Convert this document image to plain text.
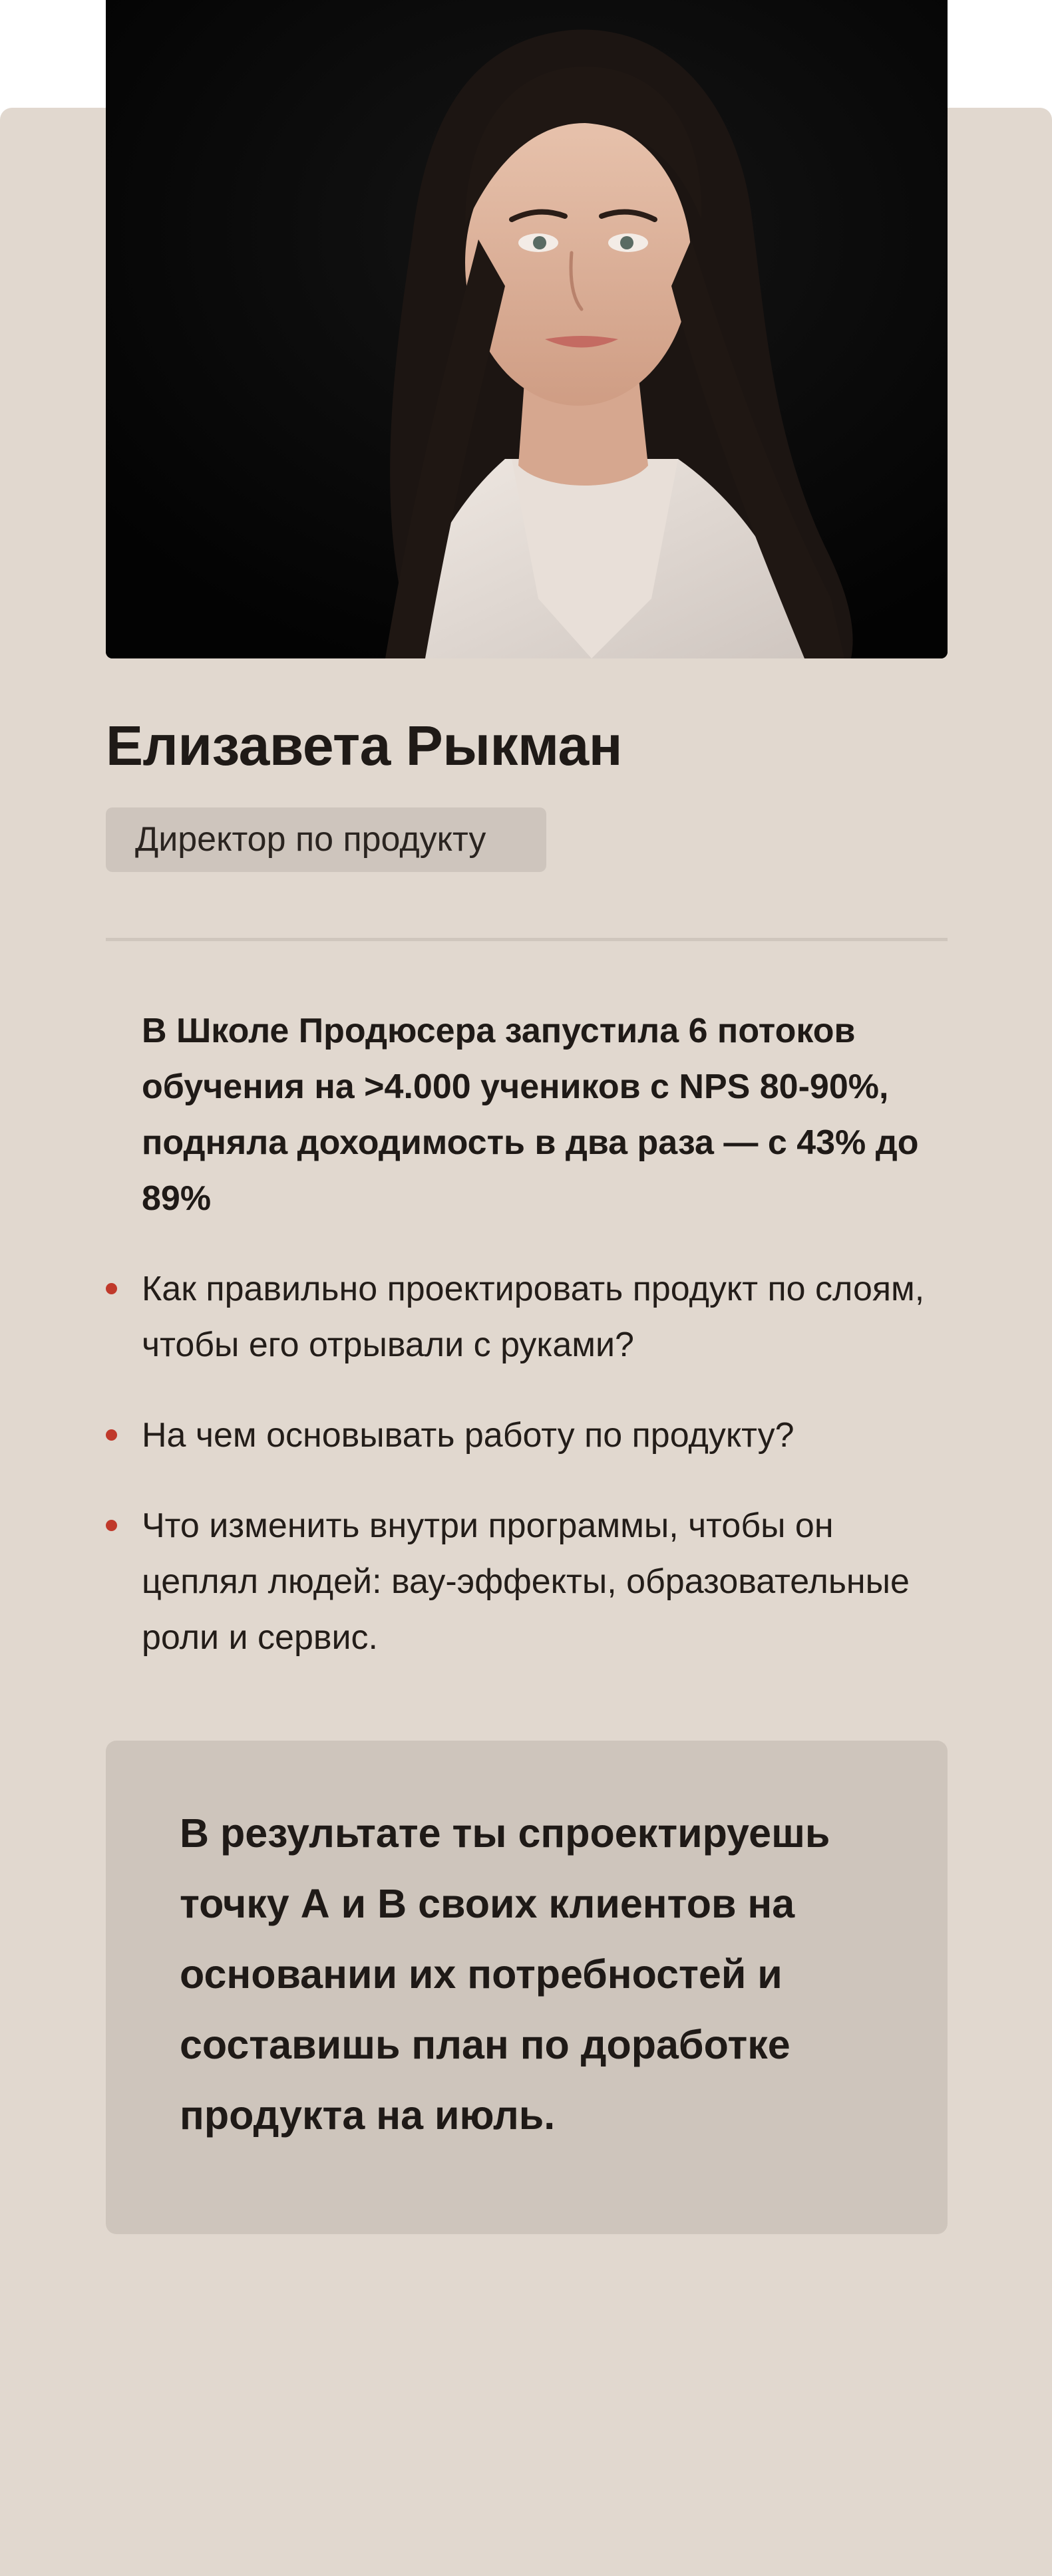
Елизавета Рыкман
Директор по продукту

В Школе Продюсера запустила 6 потоков обучения на >4.000 учеников с NPS 80-90%, подняла доходимость в два раза — с 43% до 89%

Как правильно проектировать продукт по слоям, чтобы его отрывали с руками?
На чем основывать работу по продукту?
Что изменить внутри программы, чтобы он цеплял людей: вау-эффекты, образовательные роли и сервис.

В результате ты спроектируешь точку А и В своих клиентов на основании их потребностей и составишь план по доработке продукта на июль.
